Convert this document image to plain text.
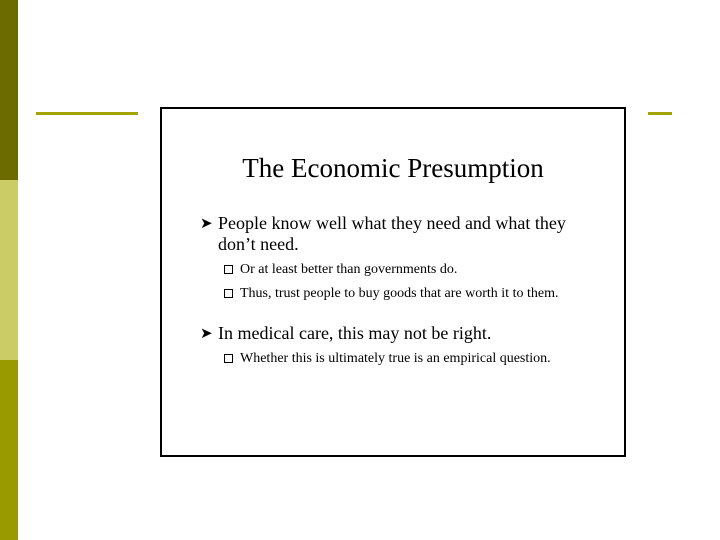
The Economic Presumption
➤ People know well what they need and what they don’t need.
Or at least better than governments do.
Thus, trust people to buy goods that are worth it to them.
➤ In medical care, this may not be right.
Whether this is ultimately true is an empirical question.
